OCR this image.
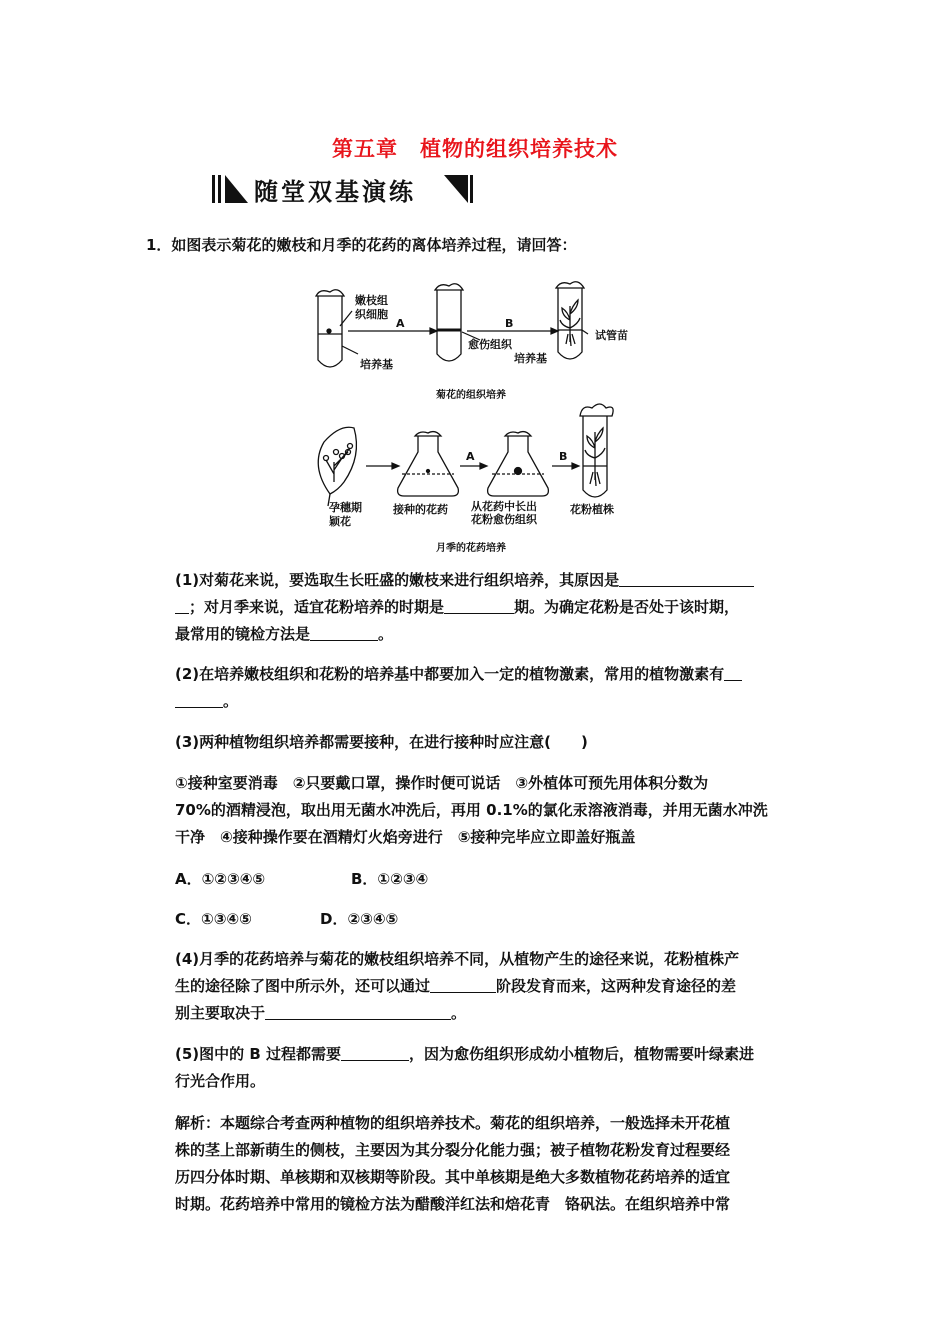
第五章　植物的组织培养技术
随堂双基演练
1．如图表示菊花的嫩枝和月季的花药的离体培养过程，请回答：
嫩枝组
织细胞
A	B
培养基
愈伤组织
培养基
试管苗
菊花的组织培养
A	B
孕穗期
颖花
接种的花药 从花药中长出
花粉愈伤组织
花粉植株
月季的花药培养
(1)对菊花来说，要选取生长旺盛的嫩枝来进行组织培养，其原因是
；对月季来说，适宜花粉培养的时期是	期。为确定花粉是否处于该时期，
最常用的镜检方法是	。
(2)在培养嫩枝组织和花粉的培养基中都要加入一定的植物激素，常用的植物激素有
。
(3)两种植物组织培养都需要接种，在进行接种时应注意(　　)
①接种室要消毒　②只要戴口罩，操作时便可说话　③外植体可预先用体积分数为
70%的酒精浸泡，取出用无菌水冲洗后，再用 0.1%的氯化汞溶液消毒，并用无菌水冲洗
干净　④接种操作要在酒精灯火焰旁进行　⑤接种完毕应立即盖好瓶盖
A．①②③④⑤	B．①②③④
C．①③④⑤	D．②③④⑤
(4)月季的花药培养与菊花的嫩枝组织培养不同，从植物产生的途径来说，花粉植株产
生的途径除了图中所示外，还可以通过	阶段发育而来，这两种发育途径的差
别主要取决于	。
(5)图中的 B 过程都需要	，因为愈伤组织形成幼小植物后，植物需要叶绿素进
行光合作用。
解析：本题综合考查两种植物的组织培养技术。菊花的组织培养，一般选择未开花植
株的茎上部新萌生的侧枝，主要因为其分裂分化能力强；被子植物花粉发育过程要经
历四分体时期、单核期和双核期等阶段。其中单核期是绝大多数植物花药培养的适宜
时期。花药培养中常用的镜检方法为醋酸洋红法和焙花青　铬矾法。在组织培养中常
